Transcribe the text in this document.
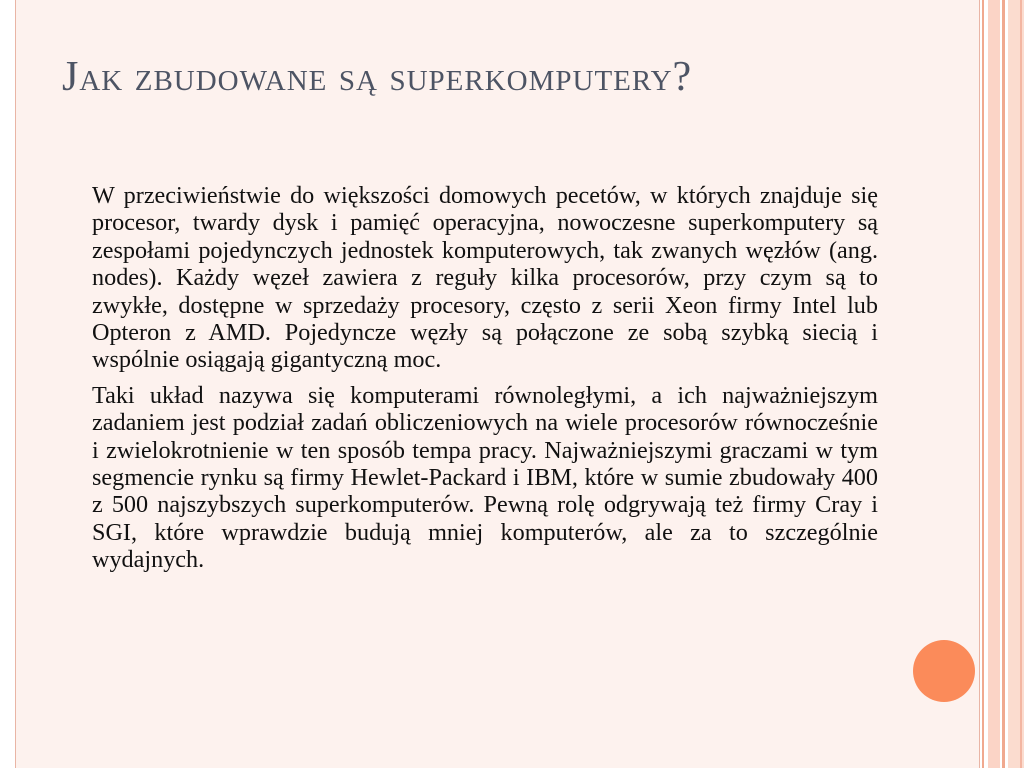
Jak zbudowane są superkomputery?

W przeciwieństwie do większości domowych pecetów, w których znajduje się procesor, twardy dysk i pamięć operacyjna, nowoczesne superkomputery są zespołami pojedynczych jednostek komputerowych, tak zwanych węzłów (ang. nodes). Każdy węzeł zawiera z reguły kilka procesorów, przy czym są to zwykłe, dostępne w sprzedaży procesory, często z serii Xeon firmy Intel lub Opteron z AMD. Pojedyncze węzły są połączone ze sobą szybką siecią i wspólnie osiągają gigantyczną moc.

Taki układ nazywa się komputerami równoległymi, a ich najważniejszym zadaniem jest podział zadań obliczeniowych na wiele procesorów równocześnie i zwielokrotnienie w ten sposób tempa pracy. Najważniejszymi graczami w tym segmencie rynku są firmy Hewlet-Packard i IBM, które w sumie zbudowały 400 z 500 najszybszych superkomputerów. Pewną rolę odgrywają też firmy Cray i SGI, które wprawdzie budują mniej komputerów, ale za to szczególnie wydajnych.
